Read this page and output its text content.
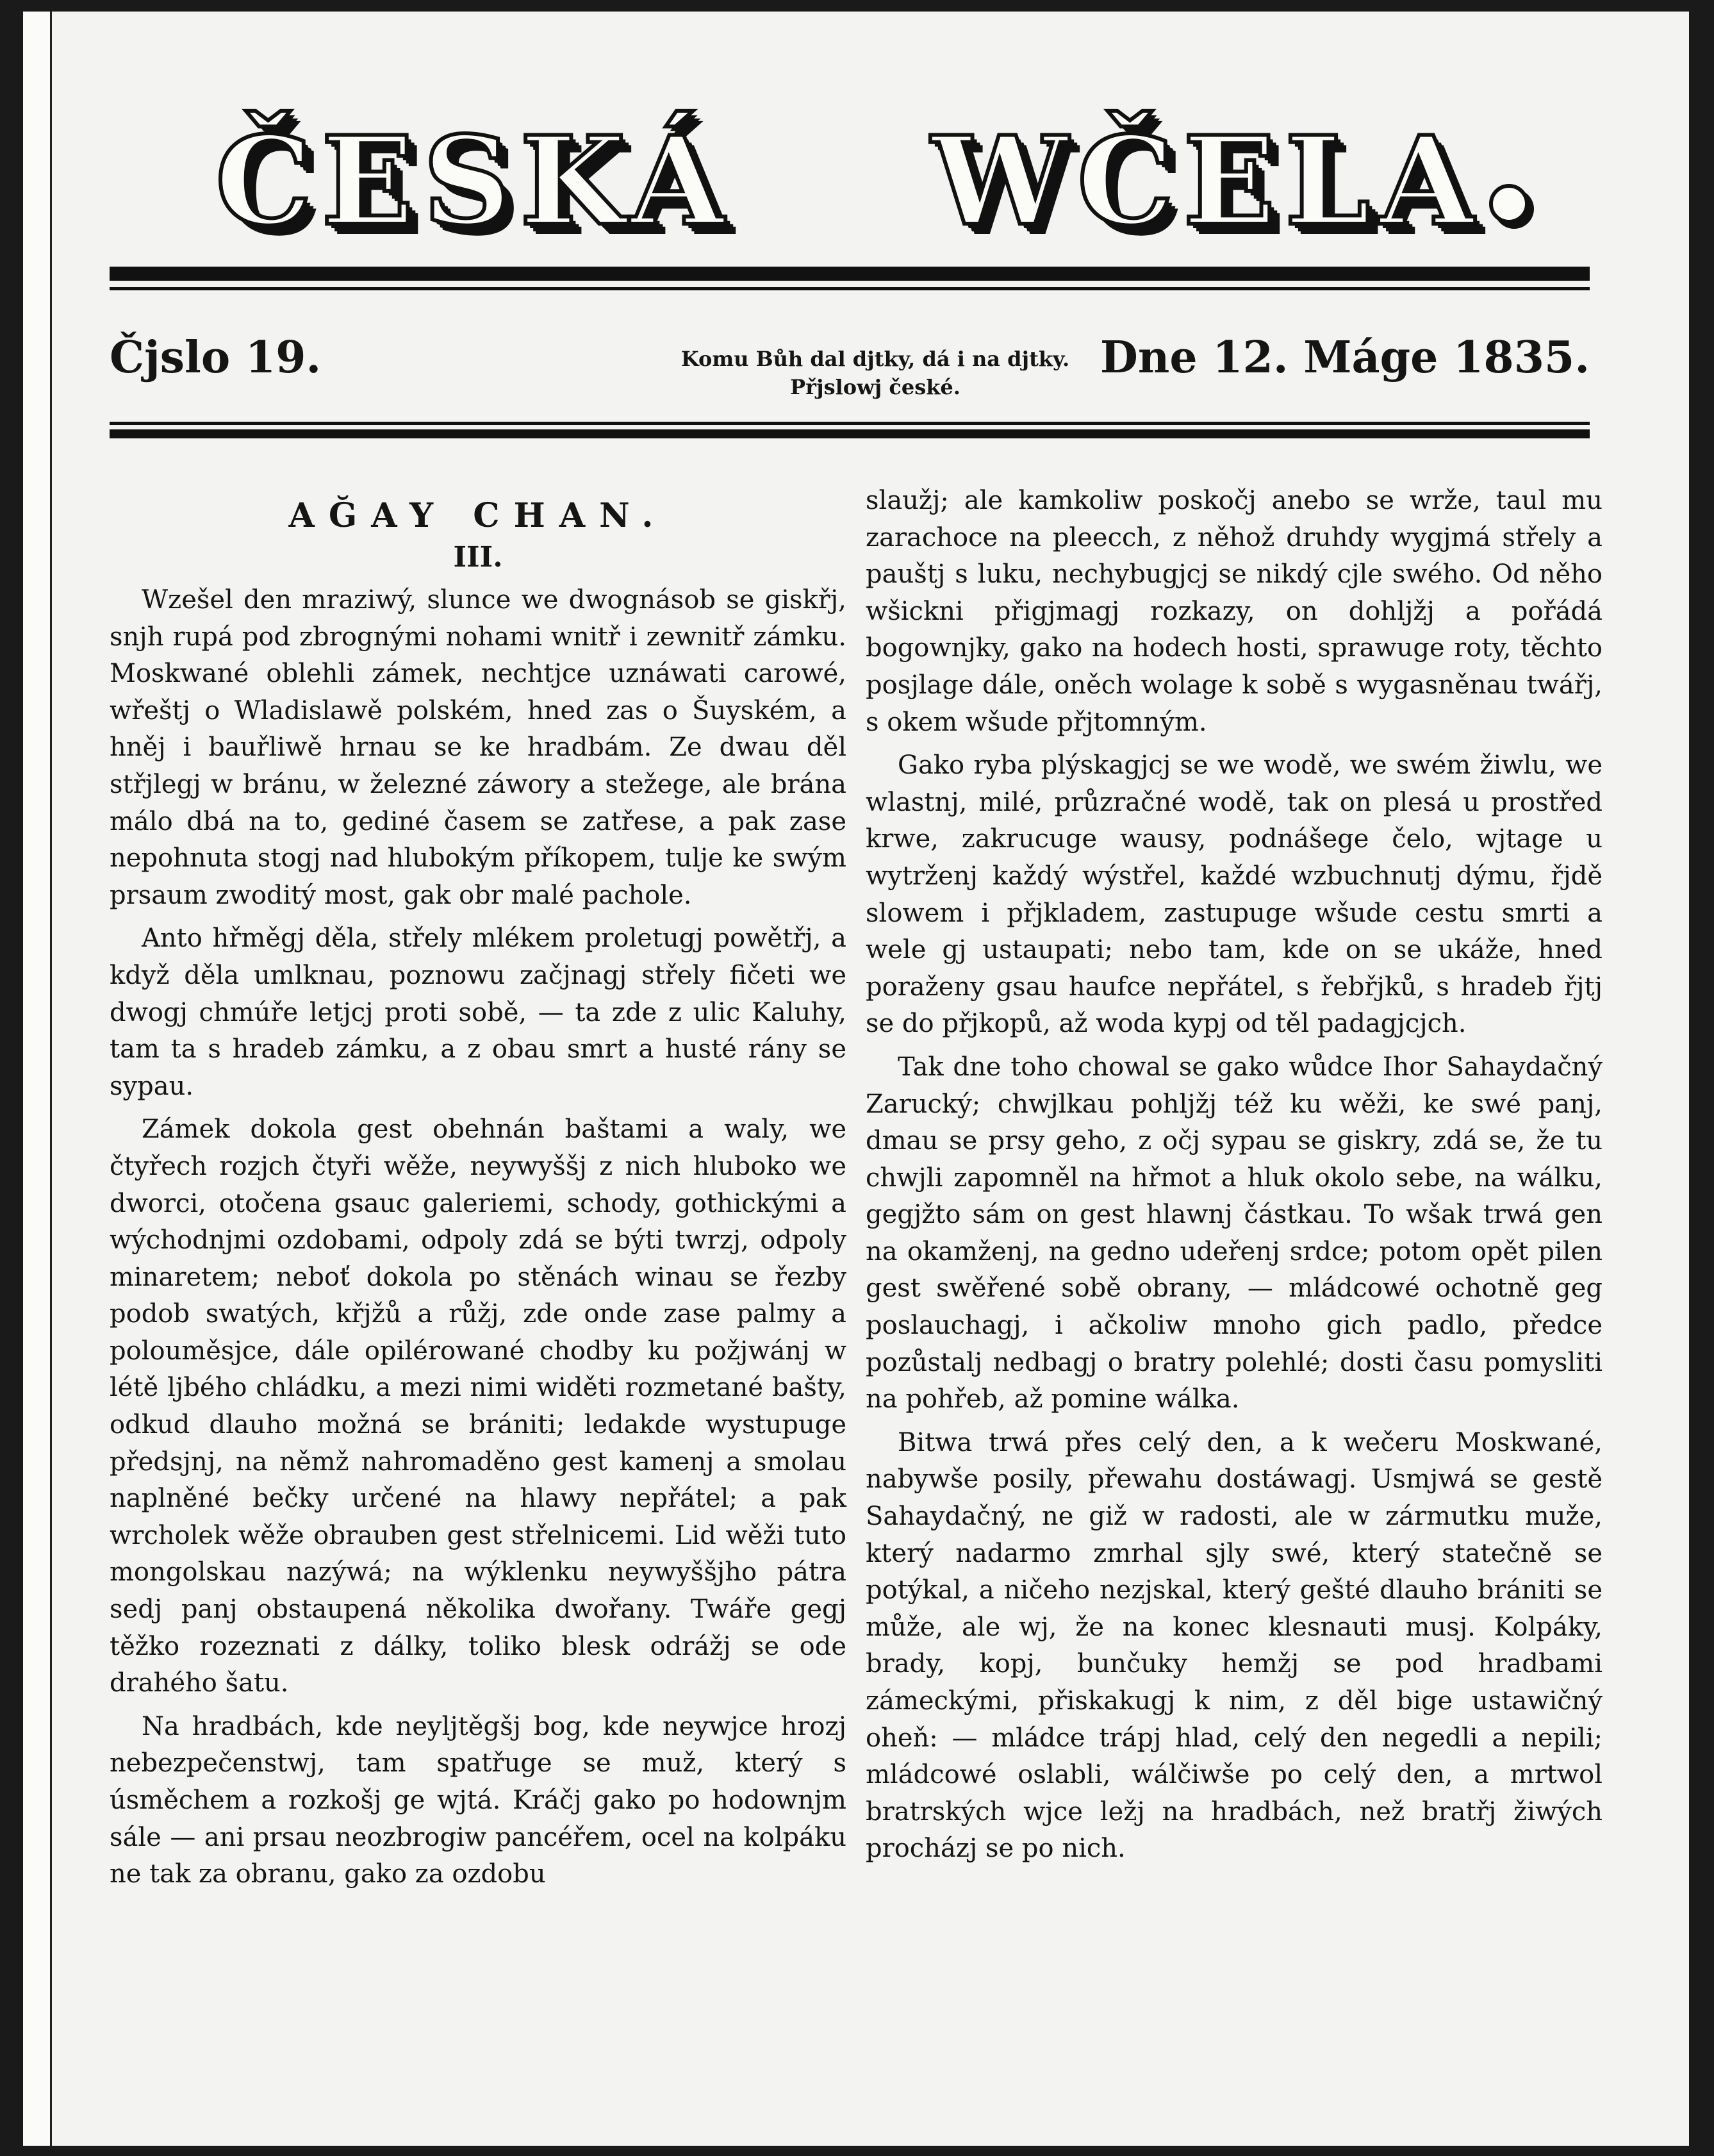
ČESKÁ WČELA
Čjslo 19.	Komu Bůh dal djtky, dá i na djtky.
Přjslowj české.
Dne 12. Máge 1835.
AĞAY CHAN.
III.

Wzešel den mraziwý, slunce we dwognásob se giskřj, snjh rupá pod zbrognými nohami wnitř i zewnitř zámku. Moskwané oblehli zámek, nechtjce uznáwati carowé, wřeštj o Wladislawě polském, hned zas o Šuyském, a hněj i bauřliwě hrnau se ke hradbám. Ze dwau děl střjlegj w bránu, w železné záwory a stežege, ale brána málo dbá na to, gediné časem se zatřese, a pak zase nepohnuta stogj nad hlubokým příkopem, tulje ke swým prsaum zwoditý most, gak obr malé pachole.

Anto hřměgj děla, střely mlékem proletugj powětřj, a když děla umlknau, poznowu začjnagj střely fičeti we dwogj chmúře letjcj proti sobě, — ta zde z ulic Kaluhy, tam ta s hradeb zámku, a z obau smrt a husté rány se sypau.

Zámek dokola gest obehnán baštami a waly, we čtyřech rozjch čtyři wěže, neywyššj z nich hluboko we dworci, otočena gsauc galeriemi, schody, gothickými a wýchodnjmi ozdobami, odpoly zdá se býti twrzj, odpoly minaretem; neboť dokola po stěnách winau se řezby podob swatých, křjžů a růžj, zde onde zase palmy a polouměsjce, dále opilérowané chodby ku požjwánj w létě ljbého chládku, a mezi nimi widěti rozmetané bašty, odkud dlauho možná se brániti; ledakde wystupuge předsjnj, na němž nahromaděno gest kamenj a smolau naplněné bečky určené na hlawy nepřátel; a pak wrcholek wěže obrauben gest střelnicemi. Lid wěži tuto mongolskau nazýwá; na wýklenku neywyššjho pátra sedj panj obstaupená několika dwořany. Twáře gegj těžko rozeznati z dálky, toliko blesk odrážj se ode drahého šatu.

Na hradbách, kde neyljtěgšj bog, kde neywjce hrozj nebezpečenstwj, tam spatřuge se muž, který s úsměchem a rozkošj ge wjtá. Kráčj gako po hodownjm sále — ani prsau neozbrogiw pancéřem, ocel na kolpáku ne tak za obranu, gako za ozdobu

slaužj; ale kamkoliw poskočj anebo se wrže, taul mu zarachoce na pleecch, z něhož druhdy wygjmá střely a pauštj s luku, nechybugjcj se nikdý cjle swého. Od něho wšickni přigjmagj rozkazy, on dohljžj a pořádá bogownjky, gako na hodech hosti, sprawuge roty, těchto posjlage dále, oněch wolage k sobě s wygasněnau twářj, s okem wšude přjtomným.

Gako ryba plýskagjcj se we wodě, we swém žiwlu, we wlastnj, milé, průzračné wodě, tak on plesá u prostřed krwe, zakrucuge wausy, podnášege čelo, wjtage u wytrženj každý wýstřel, každé wzbuchnutj dýmu, řjdě slowem i přjkladem, zastupuge wšude cestu smrti a wele gj ustaupati; nebo tam, kde on se ukáže, hned poraženy gsau haufce nepřátel, s řebřjků, s hradeb řjtj se do přjkopů, až woda kypj od těl padagjcjch.

Tak dne toho chowal se gako wůdce Ihor Sahaydačný Zarucký; chwjlkau pohljžj též ku wěži, ke swé panj, dmau se prsy geho, z očj sypau se giskry, zdá se, že tu chwjli zapomněl na hřmot a hluk okolo sebe, na wálku, gegjžto sám on gest hlawnj částkau. To wšak trwá gen na okamženj, na gedno udeřenj srdce; potom opět pilen gest swěřené sobě obrany, — mládcowé ochotně geg poslauchagj, i ačkoliw mnoho gich padlo, předce pozůstalj nedbagj o bratry polehlé; dosti času pomysliti na pohřeb, až pomine wálka.

Bitwa trwá přes celý den, a k wečeru Moskwané, nabywše posily, přewahu dostáwagj. Usmjwá se gestě Sahaydačný, ne giž w radosti, ale w zármutku muže, který nadarmo zmrhal sjly swé, který statečně se potýkal, a ničeho nezjskal, který gešté dlauho brániti se může, ale wj, že na konec klesnauti musj. Kolpáky, brady, kopj, bunčuky hemžj se pod hradbami zámeckými, přiskakugj k nim, z děl bige ustawičný oheň: — mládce trápj hlad, celý den negedli a nepili; mládcowé oslabli, wálčiwše po celý den, a mrtwol bratrských wjce ležj na hradbách, než bratřj žiwých procházj se po nich.
